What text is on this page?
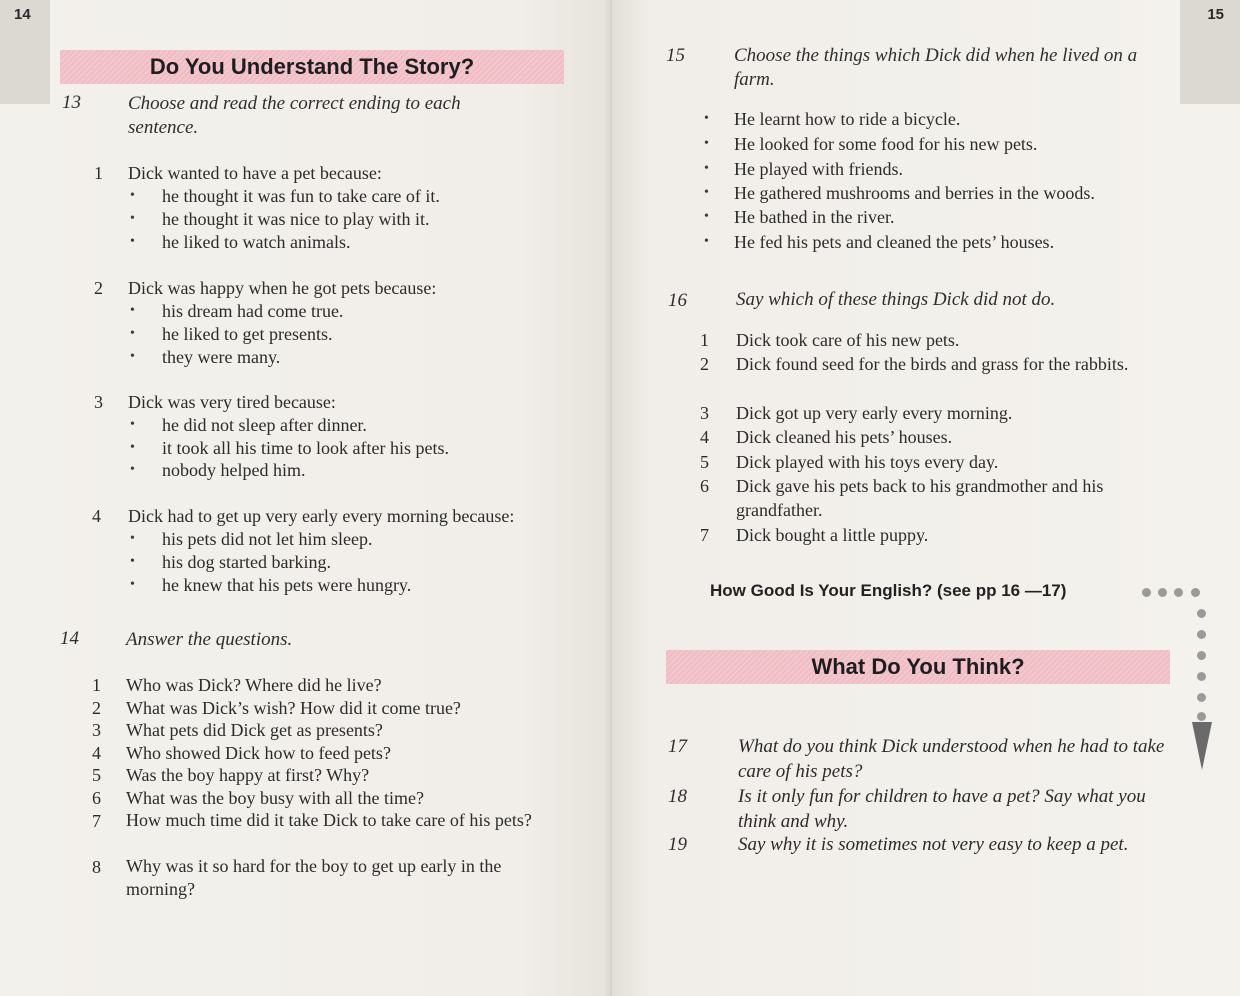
14
Do You Understand The Story?
13 Choose and read the correct ending to each sentence.
1 Dick wanted to have a pet because:
• he thought it was fun to take care of it.
• he thought it was nice to play with it.
• he liked to watch animals.
2 Dick was happy when he got pets because:
• his dream had come true.
• he liked to get presents.
• they were many.
3 Dick was very tired because:
• he did not sleep after dinner.
• it took all his time to look after his pets.
• nobody helped him.
4 Dick had to get up very early every morning because:
• his pets did not let him sleep.
• his dog started barking.
• he knew that his pets were hungry.
14 Answer the questions.
1 Who was Dick? Where did he live?
2 What was Dick’s wish? How did it come true?
3 What pets did Dick get as presents?
4 Who showed Dick how to feed pets?
5 Was the boy happy at first? Why?
6 What was the boy busy with all the time?
7 How much time did it take Dick to take care of his pets?
8 Why was it so hard for the boy to get up early in the morning?
15
15	Choose the things which Dick did when he lived on a farm.
• He learnt how to ride a bicycle.
• He looked for some food for his new pets.
• He played with friends.
• He gathered mushrooms and berries in the woods.
• He bathed in the river.
• He fed his pets and cleaned the pets’ houses.
16	Say which of these things Dick did not do.
1 Dick took care of his new pets.
2 Dick found seed for the birds and grass for the rabbits.
3 Dick got up very early every morning.
4 Dick cleaned his pets’ houses.
5 Dick played with his toys every day.
6 Dick gave his pets back to his grandmother and his grandfather.
7 Dick bought a little puppy.
How Good Is Your English? (see pp 16 —17)
What Do You Think?
17	What do you think Dick understood when he had to take care of his pets?
18	Is it only fun for children to have a pet? Say what you think and why.
19	Say why it is sometimes not very easy to keep a pet.
